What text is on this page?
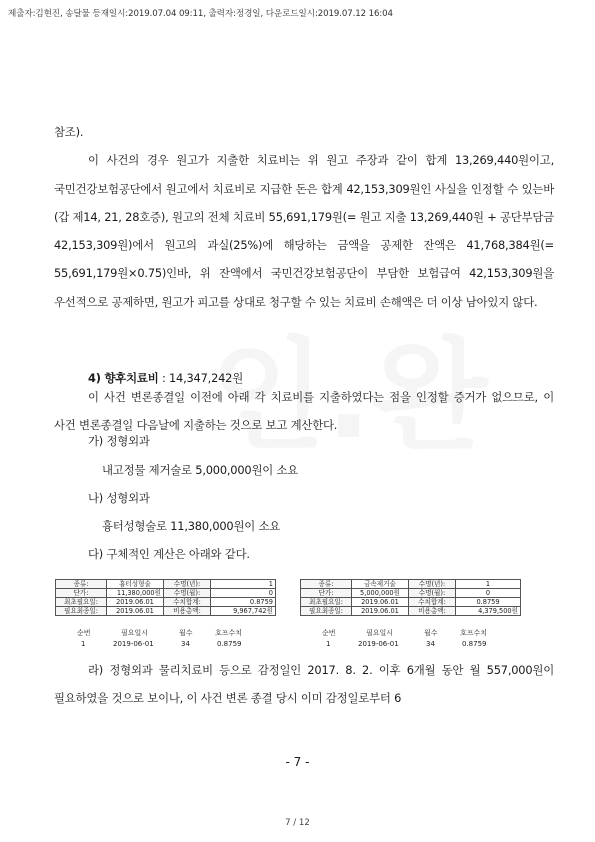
제출자:김현진, 송달물 등재일시:2019.07.04 09:11, 출력자:정경일, 다운로드일시:2019.07.12 16:04

참조).

이 사건의 경우 원고가 지출한 치료비는 위 원고 주장과 같이 합계 13,269,440원이고, 국민건강보험공단에서 원고에서 치료비로 지급한 돈은 합계 42,153,309원인 사실을 인정할 수 있는바(갑 제14, 21, 28호증), 원고의 전체 치료비 55,691,179원(= 원고 지출 13,269,440원 + 공단부담금 42,153,309원)에서 원고의 과실(25%)에 해당하는 금액을 공제한 잔액은 41,768,384원(= 55,691,179원×0.75)인바, 위 잔액에서 국민건강보험공단이 부담한 보험급여 42,153,309원을 우선적으로 공제하면, 원고가 피고를 상대로 청구할 수 있는 치료비 손해액은 더 이상 남아있지 않다.

4) 향후치료비 : 14,347,242원

이 사건 변론종결일 이전에 아래 각 치료비를 지출하였다는 점을 인정할 증거가 없으므로, 이 사건 변론종결일 다음날에 지출하는 것으로 보고 계산한다.

가) 정형외과
내고정물 제거술로 5,000,000원이 소요
나) 성형외과
흉터성형술로 11,380,000원이 소요
다) 구체적인 계산은 아래와 같다.
종류:	흉터성형술	수명(년):	1
단가:	11,380,000원	수명(월):	0
최초필요일:	2019.06.01	수치합계:	0.8759
필요최종일:	2019.06.01	비용총액:	9,967,742원
종류:	금속제거술	수명(년):	1
단가:	5,000,000원	수명(월):	0
최초필요일:	2019.06.01	수치합계:	0.8759
필요최종일:	2019.06.01	비용총액:	4,379,500원
순번	필요일시	월수	호프수치
1	2019-06-01	34	0.8759
순번	필요일시	월수	호프수치
1	2019-06-01	34	0.8759

라) 정형외과 물리치료비 등으로 감정일인 2017. 8. 2. 이후 6개월 동안 월 557,000원이 필요하였을 것으로 보이나, 이 사건 변론 종결 당시 이미 감정일로부터 6

- 7 -
7 / 12
